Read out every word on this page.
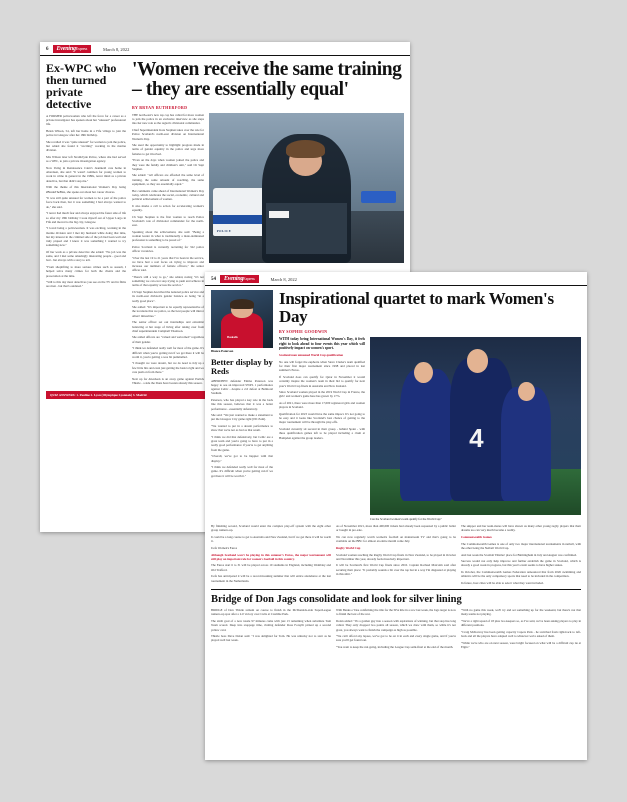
6	EveningExpress	March 8, 2022
Ex-WPC who then turned private detective

A FORMER policewoman who left the force for a career as a private investigator has spoken about her "unusual" professional life.

Helen Wilson, 54, left her home in a Fife village to join the police in Glasgow after her 18th birthday.

She recalled it was "quite unusual" for women to join the police, but added she found it "exciting" working in the marine division.

Mrs Wilson later left Strathclyde Police, where she had served as a WPC, to join a private investigation agency.

Now living in Renaissance Cairn's Jeannield care home in Aberdeen, she said: "It wasn't common for young women to work in crime in general in the 1980s, never mind as a private detective, but that didn't stop me."

With the theme of this International Women's Day being #BreakTheBias, she spoke out about her career choices.

"It was still quite unusual for women to be a part of the police force back then, but it was something I had always wanted to do," she said.

"I never had much fear and always enjoyed the faster side of life so after my 18th birthday I took myself out of Upper Largo in Fife and moved to the big city, Glasgow.

"I loved being a policewoman. It was exciting, working in the marine division and I met my husband while doing that time, but my interest in the criminal side of the job had been well and truly piqued and I knew it was something I wanted to try something new."

Of her work as a private detective she added: "No job was the same, and I met some amazingly interesting people - good and bad - but always with a story to tell.

"From shoplifting to more serious crimes such as assault, I helped solve many crimes for both the clients and the prosecution at the time.

"Still to this day most detectives you see on the TV and in films are men - but that's outdated."

'Women receive the same training – they are essentially equal'
BY BRYAN RUTHERFORD

THE north-east's new top cop has called for more women to join the police in an exclusive interview as she steps into her new role as the region's divisional commander.

Chief Superintendent Kate Stephen takes over the role for Police Scotland's north-east division on International Women's Day.

She used the opportunity to highlight progress made in terms of gender equality in the police and urge more females to get involved.

"Even on the days when women joined the police and they were the family and children's unit," said Ch Supt Stephen.

She added: "All officers are afforded the same level of training, the same amount of coaching, the same equipment, so they are essentially equal."

Her comments came ahead of International Women's Day today, which celebrates the social, economic, cultural and political achievement of women.

It also marks a call to action for accelerating women's equality.

Ch Supt Stephen is the first woman to reach Police Scotland's role of divisional commander for the north-east.

Speaking about the achievement, she said: "Being a woman leader in what is traditionally a male-dominated profession is something to be proud of."

Police Scotland is currently recruiting for 322 police officer vacancies.

"Over the last 19 to 21 years that I've been in the service, we have had a real focus on trying to improve and increase our numbers of female officers," the senior officer said.

"There's still a way to go," she added, noting "it's not something we can ever stop trying to push and achieve in terms of that equality across the service."

Ch Supt Stephen described the national police service and its north-east division's gender balance as being "in a really good place".

She added: "It's important to be equally representative of the locations that we police, so the best people will mirror others' minorities."

The senior officer set out internships and extremist balancing at her stage of living after taking over from chief superintendent Campbell Thomson.

She added officers are "valued and welcomed" regardless of their gender.

"I think we defended really well for most of the game. It's difficult when you're getting run if we get there it will be worth it, you're getting a wee bit pummelled.

"I thought we were decent, but we do need to tidy up a few little bits and even just getting the basics right and we care push on from there."

Next up for Aberdeen is an away game against Partick Thistle - a side the Dons have beaten already this season.

POLICE
QUIZ ANSWERS: 1. Pauline 2. Lyon (Olympique Lyonnais) 3. Madrid
54	EveningExpress	March 8, 2022
Boskalis
Bianca Paterson
Better display by Reds

ABERDEEN defender Emma Paterson was happy to see an improved SWPL 1 performance against Celtic - despite a 2-0 defeat at Balmoral Stadium.

Paterson, who has played a key role in the back line this season, believes that it was a better performance - essentially defensively.

She said: "We just wanted to make a statement to put the Glasgow City game right [00:15am].

"We wanted to put in a decent performance to show that we're not as bad as that result.

"I think we did that defensively, but Celtic are a great team and you're going to have to put in a really good performance if you're to get anything from the game.

"Overall, we've got to be happier with that display."

"I think we defended really well for most of the game. It's difficult when you're getting run if we get there it will be worth it."

Inspirational quartet to mark Women's Day
BY SOPHIE GOODWIN

WITH today being International Women's Day, it feels right to look ahead to four events this year which will positively impact on women's sport.

Scotland men unnamed World Cup qualification

No one will forget the euphoria when Steve Clarke's team qualified for their first major tournament since 1998 and placed in last summer's Euros.

If Scotland does can qualify for Qatar in November it would certainly inspire the women's team in their bid to qualify for next year's World Cup finals in Australia and New Zealand.

Since Scotland women played in the 2019 World Cup in France, the girls' and women's game here has grown by 17%.

As of 2021, there were more than 17,000 registered girls and women players in Scotland.

Qualification for 2023 would have the same impact. It's not going to be easy and it looks like Scotland's best chance of getting to the major tournament will be through the play-offs.

Scotland currently sit second in their group - behind Spain - with three qualification games left to be played including a clash at Hampden against the group leaders.	4
Can the Scotland women's team qualify for the World Cup?

By finishing second, Scotland would enter the complex play-off system with the eight other group runners-up.

It could be a long course to get to Australia and New Zealand, but if we get there it will be worth it.

Uefa Women's Euros

Although Scotland won't be playing in this summer's Euros, the major tournament will still play an important role for women's football in this country.

The Euros start 6 to 31 will be played across 10 stadiums in England, including Wembley and Old Trafford.

Uefa has anticipated it will be a record-breaking summer that will entice attendance at the last tournament in the Netherlands.

As of November 2021, more than 400,000 tickets had already been requested by a public ballot or bought in pre-sale.

We can now regularly watch women's football on mainstream TV and that's going to be available on the BBC for almost an entire month come July.

Rugby World Cup

Scotland women reaching the Rugby World Cup finals in New Zealand, to be played in October and November this year, already feels massively important.

It will be Scotland's first World Cup finals since 2010. Captain Rachael Malcolm said after securing their place: "It probably sounds a bit over the top but in a way I'm disgusted at playing in this shirt."

The skipper and her team-mates will have shown us many other young rugby players that their dreams too can very much become a reality.

Commonwealth Games

The Commonwealth Games is one of only two major international tournaments in netball, with the other being the Netball World Cup.

And last week the Scottish Thistles' place for Birmingham in July and August was confirmed.

Success would not only help improve and further establish the game in Scotland, which is already a good week in progress, but this year's event seems to have higher stakes.

In October, the Commonwealth Games Federation announced that from 2026 swimming and athletics will be the only compulsory sports that need to be included in the competition.

In future, host cities will be able to select what they want included.

Bridge of Don Jags consolidate and look for silver lining

BRIDGE of Don Thistle remain on course to finish in the McDonalds-side SuperLeague runners-up spot after a 2-0 victory over Cults at Crombie Park.

The sixth goal of a new tussle 97 minutes came with just 13 remaining when substitute Tom Team scored. Deep into stoppage time, visiting defender Ross Forsyth picked up a second yellow card.

Thistle boss Dave Dolan said: "I was delighted for Tom. He was unlucky not to start as he played well last week.

With Banks o' Dee confirming the title for the SFA title in a row last week, the Jags target is now to finish the best of the rest.

Dolan added: "It's a golden guy into a season with aspirations of winning, but that stop has long called. They only dropped two points all season, which we draw with them, so while it's not great, you always want to finish the campaign as high as possible.

"We can't afford any lapses, we've got to be on it in each and every single game, and if you're sure you'll get found out.

"You want to keep the run going, including the League Cup semi-final at the end of the month.

"With no game this week, we'll try and set something up for the weekend, but there's not that many teams not playing.

"We've a right squad of 18 plus two keepers so, as I've said, we've been asking players to play in different positions.

"Craig McKarvey has been getting capacity Capers Park - he switched from right-back to left-back and all the players have adapted well to whatever we're asked of them.

"While we're who are on next season, were bright focused on what will be a difficult cup tie at Elgin."
